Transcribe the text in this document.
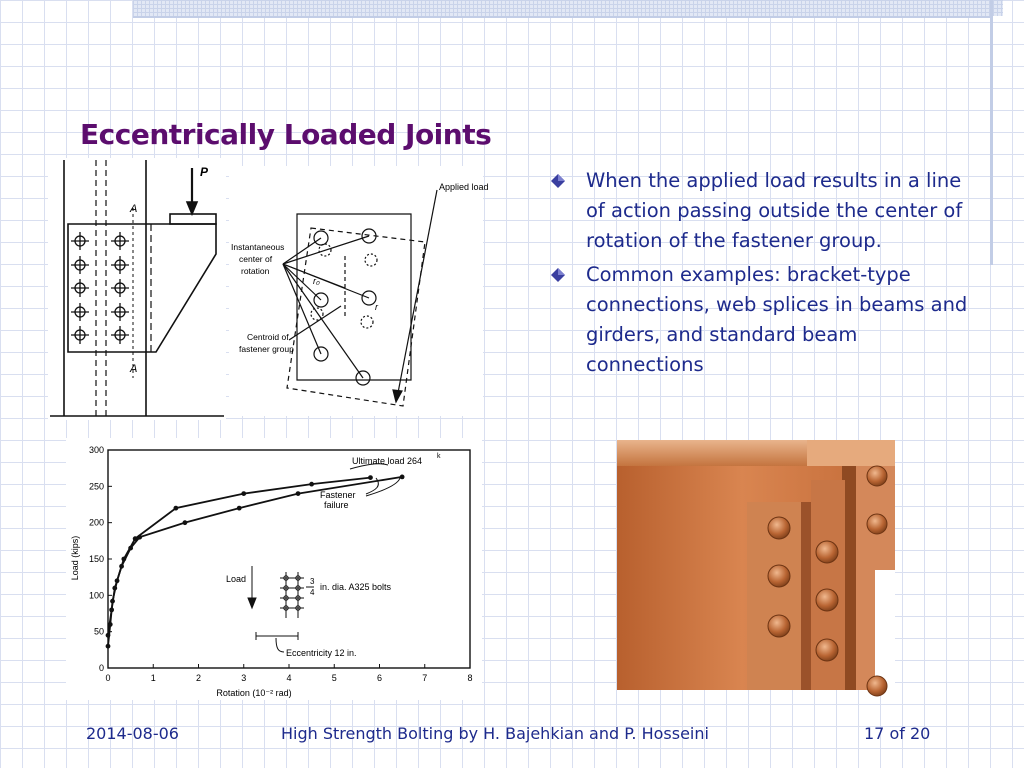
Eccentrically Loaded Joints
P
A
A
Applied load
Instantaneous
center of
rotation
Centroid of
fastener group
r₀
r
0	1	2	3	4	5	6	7	8
0
50
100
150
200
250
300
Ultimate load 264 k
Fastener
failure
Load	3
4
in. dia. A325 bolts
Eccentricity 12 in.
Rotation (10⁻² rad)
Load (kips)
When the applied load results in a line of action passing outside the center of rotation of the fastener group.
Common examples: bracket-type connections, web splices in beams and girders, and standard beam connections
2014-08-06	High Strength Bolting by H. Bajehkian and P. Hosseini	17 of 20
